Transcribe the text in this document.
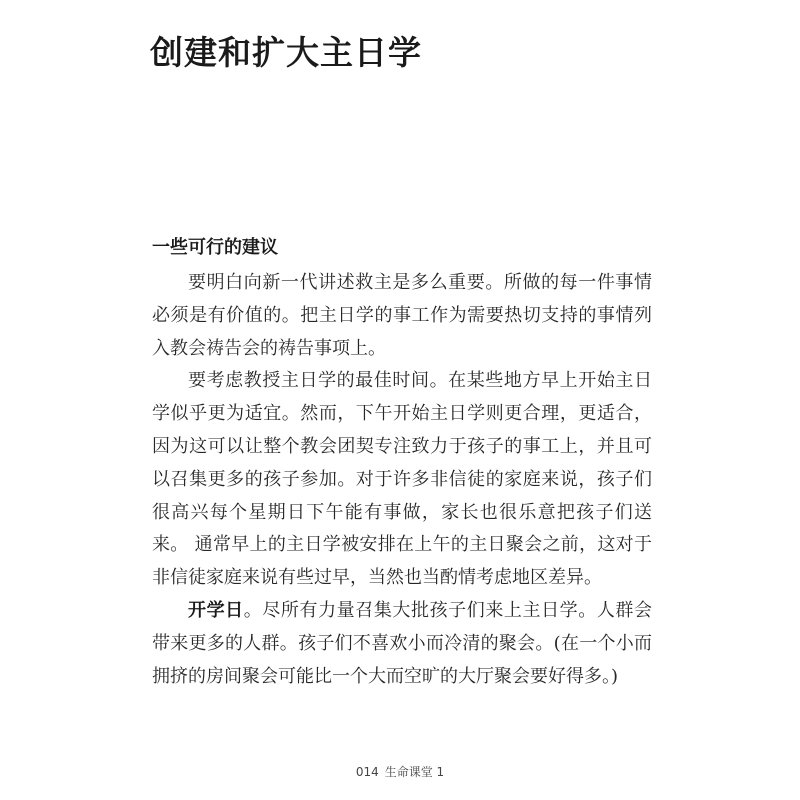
创建和扩大主日学
一些可行的建议

要明白向新一代讲述救主是多么重要。所做的每一件事情必须是有价值的。把主日学的事工作为需要热切支持的事情列入教会祷告会的祷告事项上。

要考虑教授主日学的最佳时间。在某些地方早上开始主日学似乎更为适宜。然而，下午开始主日学则更合理，更适合，因为这可以让整个教会团契专注致力于孩子的事工上，并且可以召集更多的孩子参加。对于许多非信徒的家庭来说，孩子们很高兴每个星期日下午能有事做，家长也很乐意把孩子们送来。 通常早上的主日学被安排在上午的主日聚会之前，这对于非信徒家庭来说有些过早，当然也当酌情考虑地区差异。

开学日。尽所有力量召集大批孩子们来上主日学。人群会带来更多的人群。孩子们不喜欢小而冷清的聚会。(在一个小而拥挤的房间聚会可能比一个大而空旷的大厅聚会要好得多。)

014 生命课堂 1
